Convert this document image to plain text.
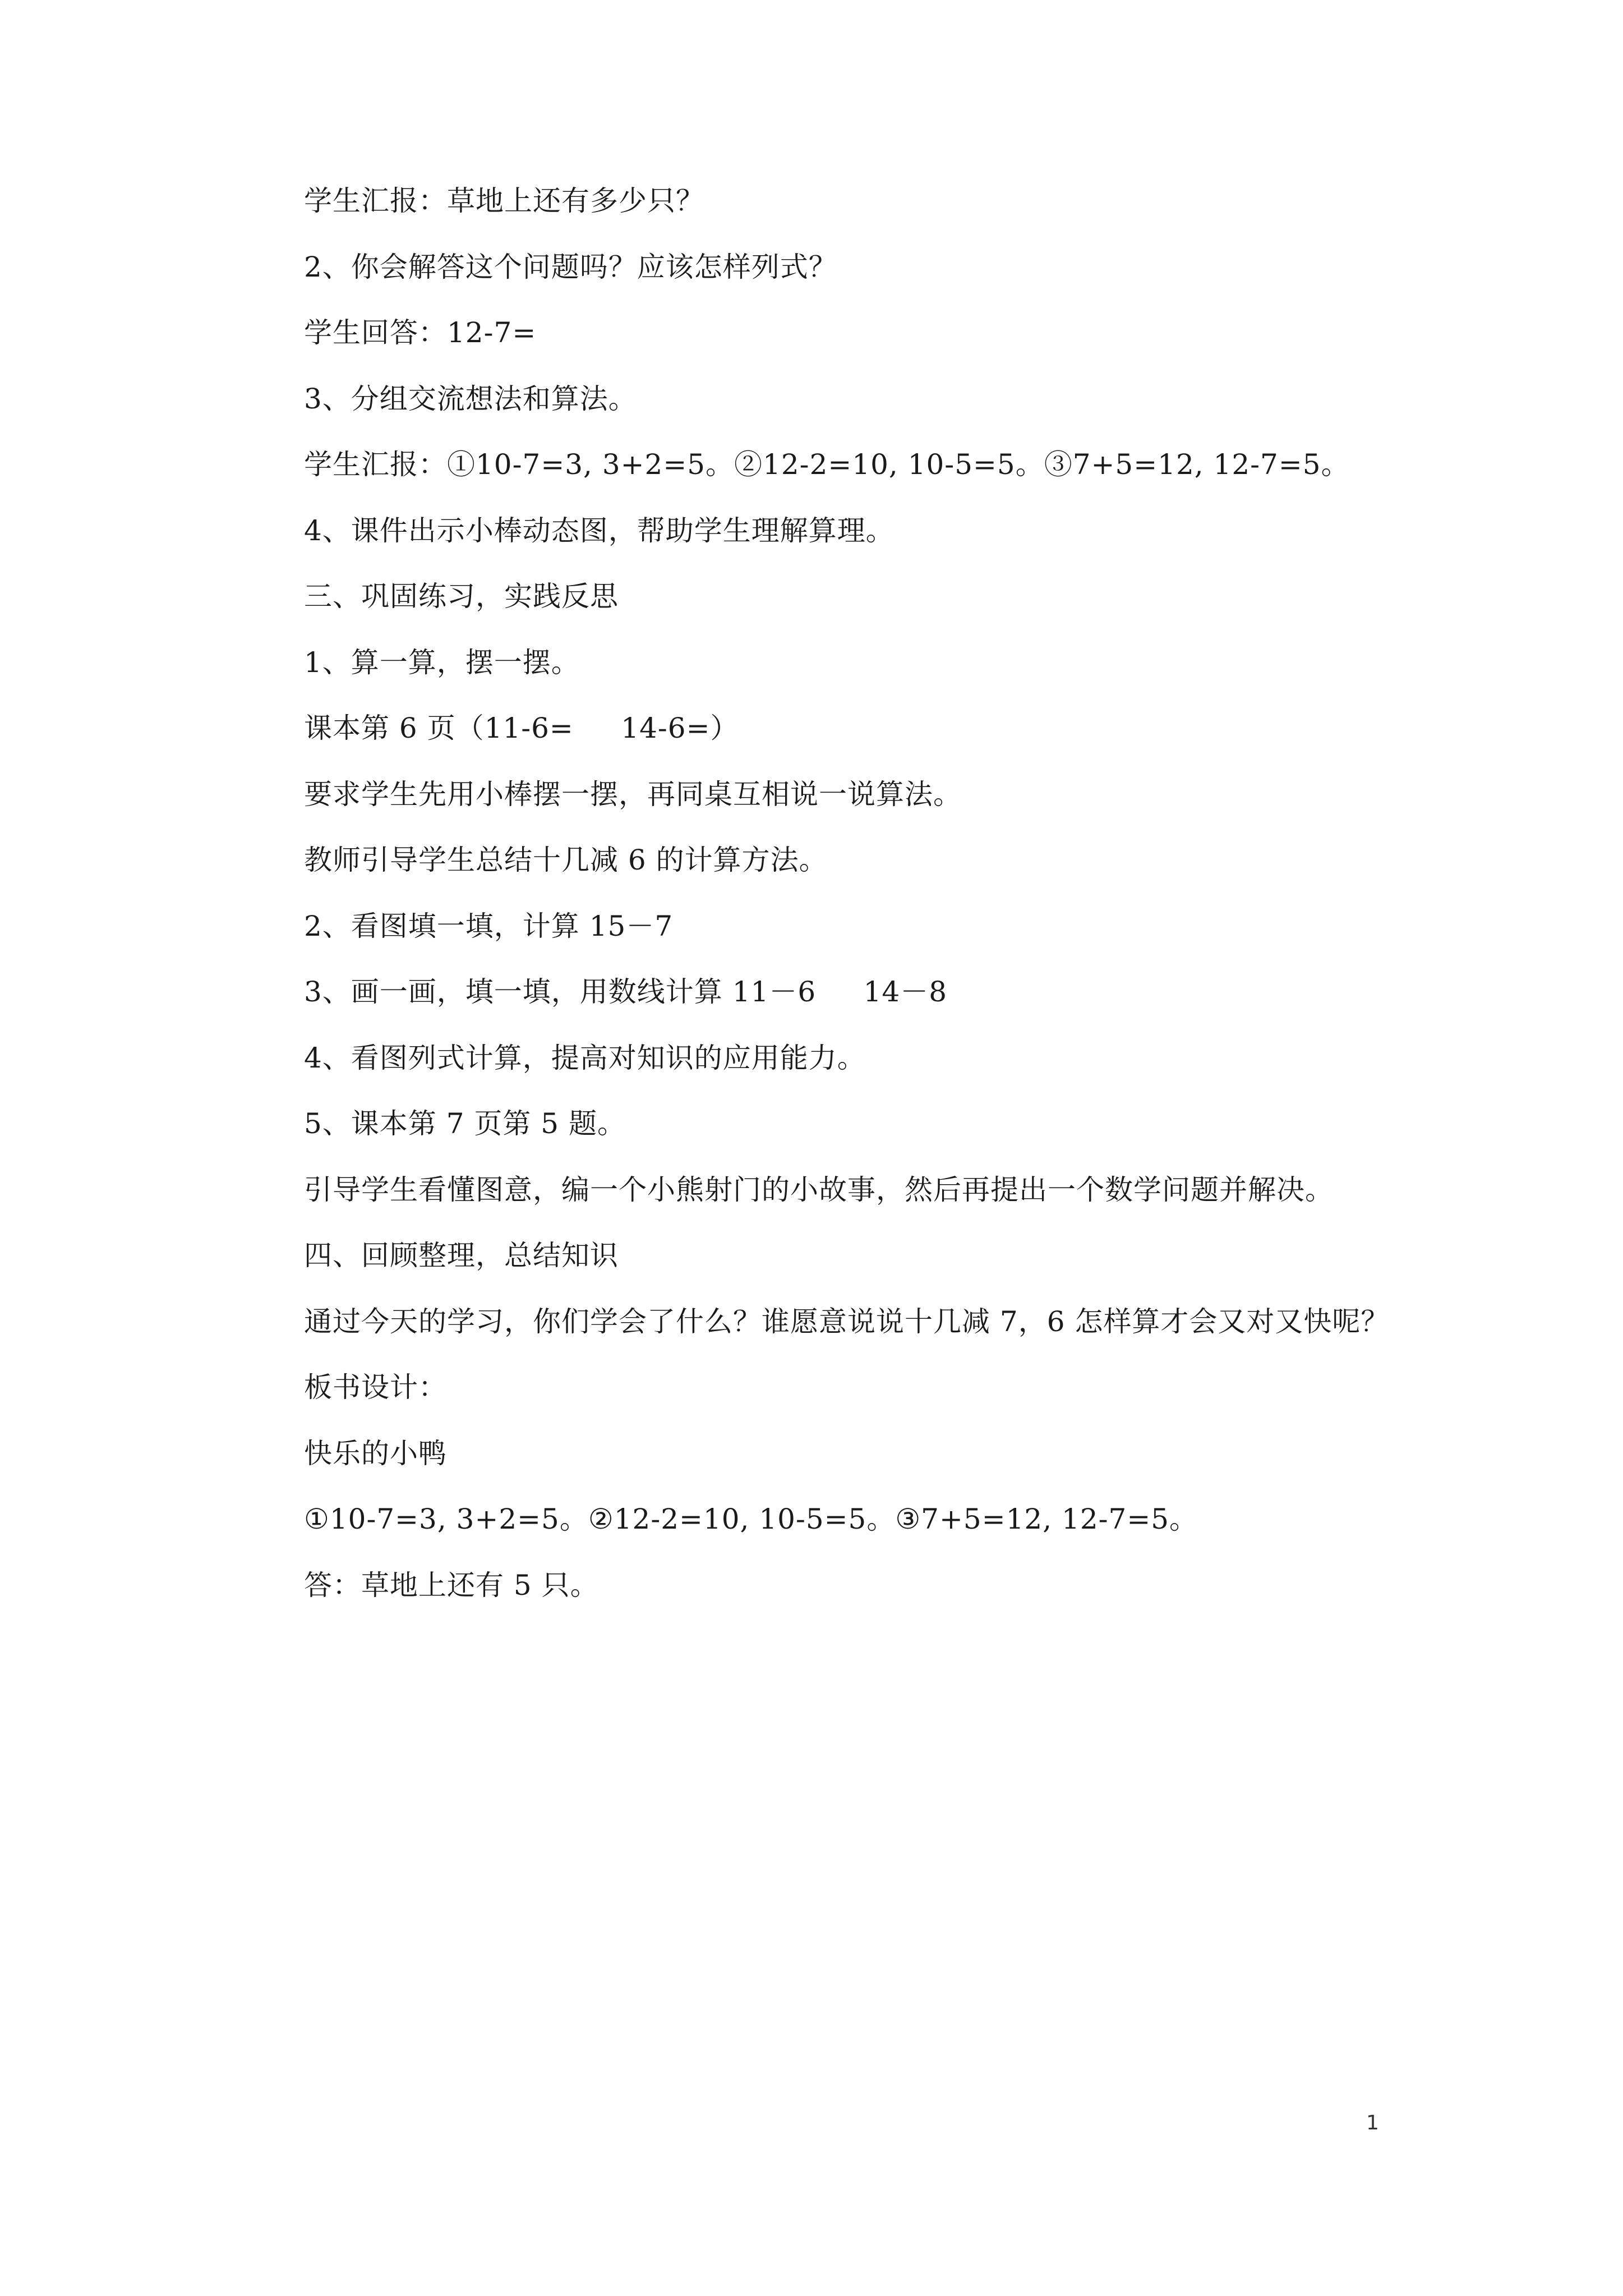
学生汇报：草地上还有多少只？
2、你会解答这个问题吗？应该怎样列式？
学生回答：12-7=
3、分组交流想法和算法。
学生汇报：①10-7=3, 3+2=5。②12-2=10, 10-5=5。③7+5=12, 12-7=5。
4、课件出示小棒动态图，帮助学生理解算理。
三、巩固练习，实践反思
1、算一算，摆一摆。
课本第 6 页（11-6=     14-6=）
要求学生先用小棒摆一摆，再同桌互相说一说算法。
教师引导学生总结十几减 6 的计算方法。
2、看图填一填，计算 15－7
3、画一画，填一填，用数线计算 11－6     14－8
4、看图列式计算，提高对知识的应用能力。
5、课本第 7 页第 5 题。
引导学生看懂图意，编一个小熊射门的小故事，然后再提出一个数学问题并解决。
四、回顾整理，总结知识
通过今天的学习，你们学会了什么？谁愿意说说十几减 7，6 怎样算才会又对又快呢？
板书设计：
快乐的小鸭
①10-7=3, 3+2=5。②12-2=10, 10-5=5。③7+5=12, 12-7=5。
答：草地上还有 5 只。
1
